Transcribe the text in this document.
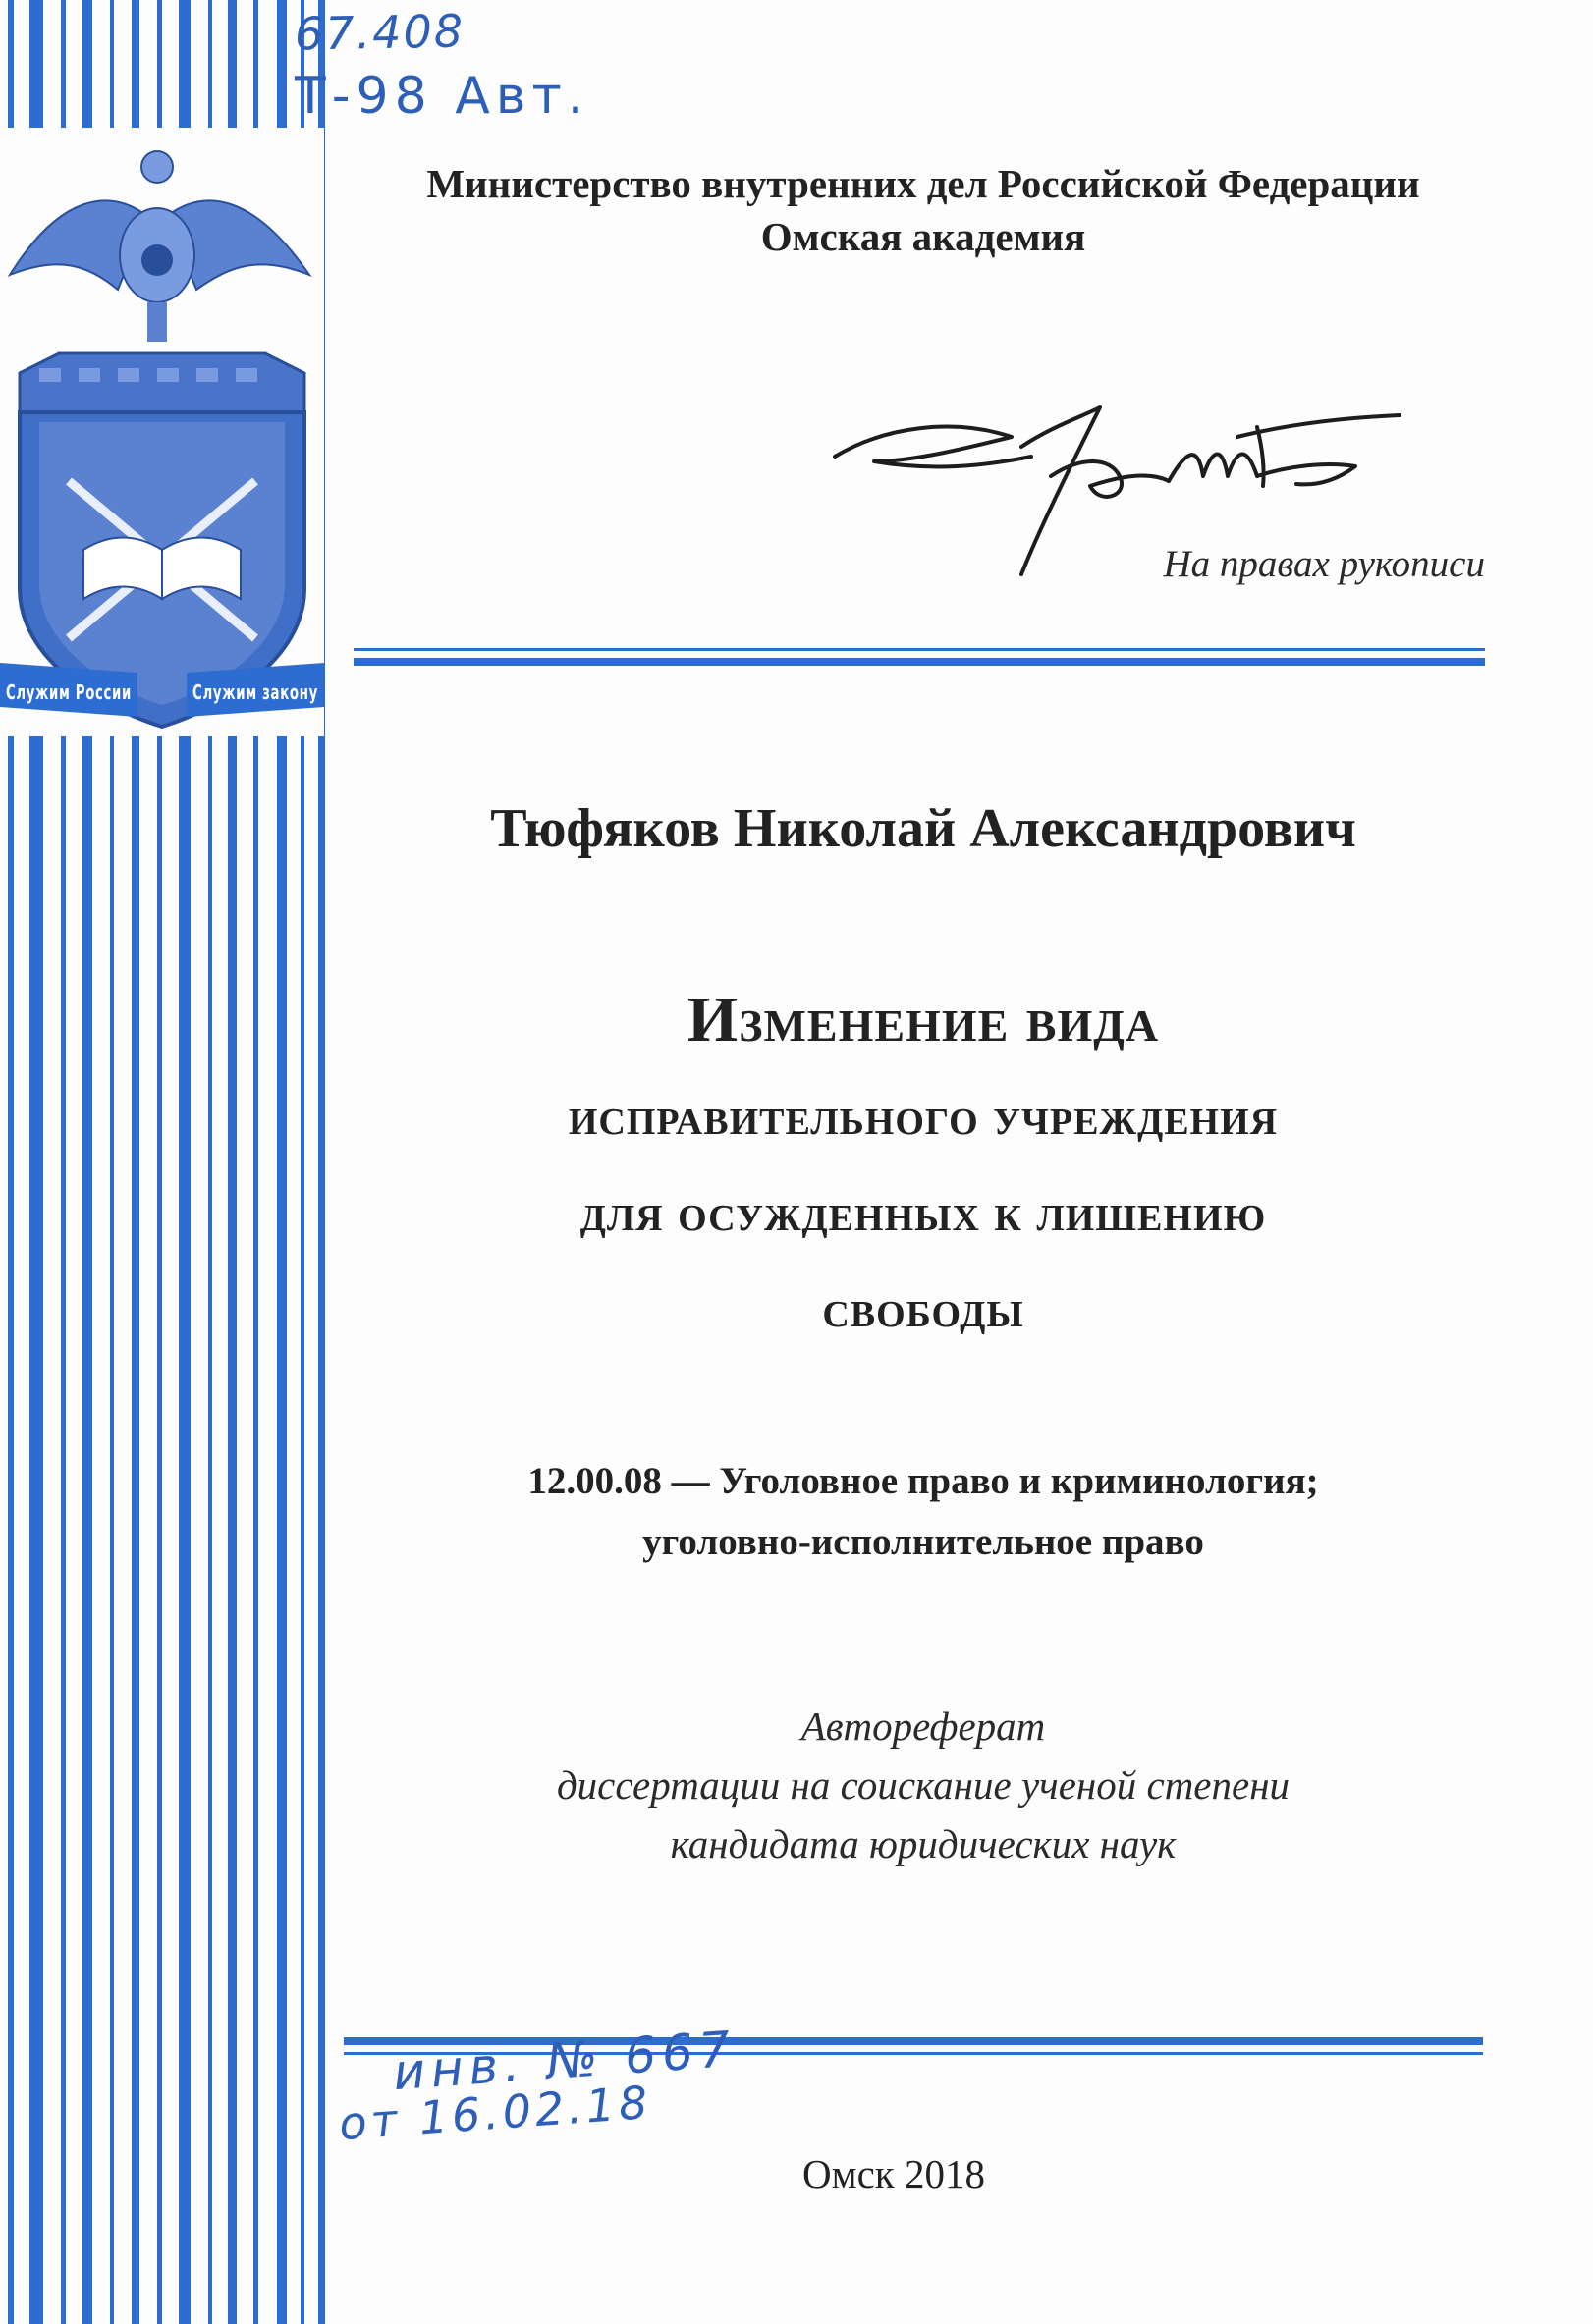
Служим России	Служим закону

67.408

Т-98 Авт.

Министерство внутренних дел Российской Федерации
Омская академия

На правах рукописи

Тюфяков Николай Александрович
Изменение вида
исправительного учреждения
для осужденных к лишению
свободы
12.00.08 — Уголовное право и криминология;
уголовно-исполнительное право
Автореферат
диссертации на соискание ученой степени
кандидата юридических наук

инв. № 667

от 16.02.18

Омск 2018
